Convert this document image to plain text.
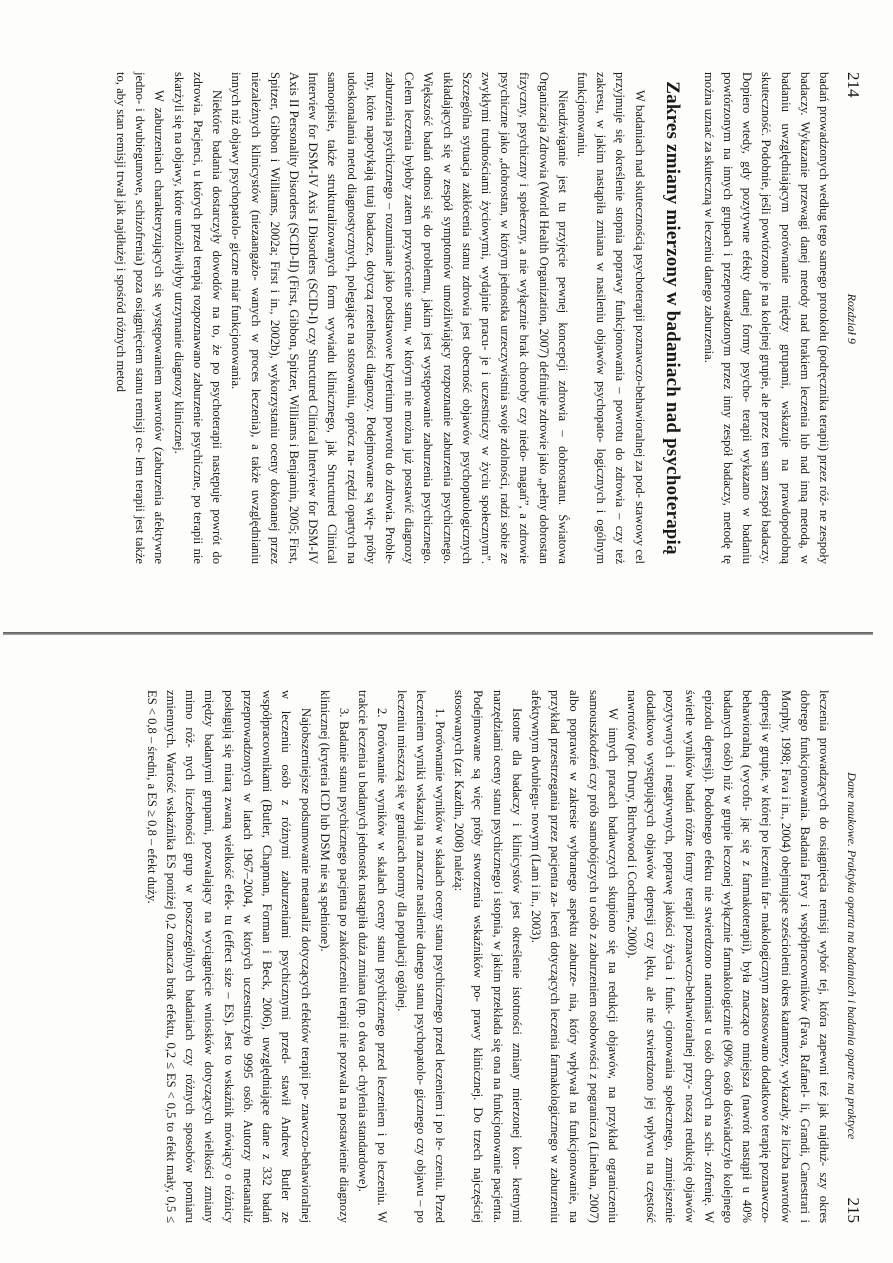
214
Rozdział 9

badań prowadzonych według tego samego protokołu (podręcznika terapii) przez róż- ne zespoły badaczy. Wykazanie przewagi danej metody nad brakiem leczenia lub nad inną metodą, w badaniu uwzględniającym porównanie między grupami, wskazuje na prawdopodobną skuteczność. Podobnie, jeśli powtórzono je na kolejnej grupie, ale przez ten sam zespół badaczy. Dopiero wtedy, gdy pozytywne efekty danej formy psycho- terapii wykazano w badaniu powtórzonym na innych grupach i przeprowadzonym przez inny zespół badaczy, metodę tę można uznać za skuteczną w leczeniu danego zaburzenia.

Zakres zmiany mierzony w badaniach nad psychoterapią

W badaniach nad skutecznością psychoterapii poznawczo-behawioralnej za pod- stawowy cel przyjmuje się określenie stopnia poprawy funkcjonowania – powrotu do zdrowia – czy też zakresu, w jakim nastąpiła zmiana w nasileniu objawów psychopato- logicznych i ogólnym funkcjonowaniu.

Nieudźwiganie jest tu przyjęcie pewnej koncepcji zdrowia – dobrostanu. Światowa Organizacja Zdrowia (World Health Organization, 2007) definiuje zdrowie jako „pełny dobrostan fizyczny, psychiczny i społeczny, a nie wyłącznie brak choroby czy niedo- magań”, a zdrowie psychiczne jako „dobrostan, w którym jednostka urzeczywistnia swoje zdolności, radzi sobie ze zwykłymi trudnościami życiowymi, wydajnie pracu- je i uczestniczy w życiu społecznym”. Szczególna sytuacja zakłócenia stanu zdrowia jest obecność objawów psychopatologicznych układających się w zespół symptomów umożliwiający rozpoznanie zaburzenia psychicznego. Większość badań odnosi się do problemu, jakim jest występowanie zaburzenia psychicznego. Celem leczenia byłoby zatem przywrócenie stanu, w którym nie można już postawić diagnozy zaburzenia psychicznego – rozumiane jako podstawowe kryterium powrotu do zdrowia. Proble- my, które napotykają tutaj badacze, dotyczą rzetelności diagnozy. Podejmowane są wię- próby udoskonalania metod diagnostycznych, polegające na stosowaniu, oprócz na- rzędzi opartych na samoopisie, także strukturalizowanych form wywiadu klinicznego, jak Structured Clinical Interview for DSM-IV Axis I Disorders (SCID-I) czy Structured Clinical Interview for DSM-IV Axis II Personality Disorders (SCID-II) (First, Gibbon, Spitzer, Williams i Benjamin, 2005; First, Spitzer, Gibbon i Williams, 2002a; First i in., 2002b), wykorzystaniu oceny dokonanej przez niezależnych klinicystów (niezaangażo- wanych w proces leczenia), a także uwzględnianiu innych niż objawy psychopatolo- giczne miar funkcjonowania.

Niektóre badania dostarczyły dowodów na to, że po psychoterapii następuje powrót do zdrowia. Pacjenci, u których przed terapią rozpoznawano zaburzenie psychiczne, po terapii nie skarżyli się na objawy, które umożliwiłyby utrzymanie diagnozy klinicznej.

W zaburzeniach charakteryzujących się występowaniem nawrotów (zaburzenia afektywne jedno- i dwubiegunowe, schizofrenia) poza osiągnięciem stanu remisji ce- lem terapii jest także to, aby stan remisji trwał jak najdłużej i spośród różnych metod

Dane naukowe. Praktyka oparta na badaniach i badania oparte na praktyce
215

leczenia prowadzących do osiągnięcia remisji wybór tej, która zapewni też jak najdłuż- szy okres dobrego funkcjonowania. Badania Favy i współpracowników (Fava, Rafanel- li, Grandi, Canestrari i Morphy, 1998; Fava i in., 2004) obejmujące sześcioletni okres katamnezy, wykazały, że liczba nawrotów depresji w grupie, w której po leczeniu far- makologicznym zastosowano dodatkowo terapię poznawczo-behawioralną (wycofu- jąc się z farmakoterapii), była znacząco mniejsza (nawrót nastąpił u 40% badanych osób) niż w grupie leczonej wyłącznie farmakologicznie (90% osób doświadczyło kolejnego epizodu depresji). Podobnego efektu nie stwierdzono natomiast u osób chorych na schi- zofrenię. W świetle wyników badań różne formy terapii poznawczo-behawioralnej przy- noszą redukcję objawów pozytywnych i negatywnych, poprawę jakości życia i funk- cjonowania społecznego, zmniejszenie dodatkowo występujących objawów depresji czy lęku, ale nie stwierdzono jej wpływu na częstość nawrotów (por. Drury, Birchwood i Cochrane, 2000).

W innych pracach badawczych skupiono się na redukcji objawów, na przykład ograniczeniu samouszkodzeń czy prób samobójczych u osób z zaburzeniem osobowości z pogranicza (Linehan, 2007) albo poprawie w zakresie wybranego aspektu zaburze- nia, który wpływał na funkcjonowanie, na przykład przestrzegania przez pacjenta za- leceń dotyczących leczenia farmakologicznego w zaburzeniu afektywnym dwubiegu- nowym (Lam i in., 2003).

Istotne dla badaczy i klinicystów jest określenie istotności zmiany mierzonej kon- kretnymi narzędziami oceny stanu psychicznego i stopnia, w jakim przekłada się ona na funkcjonowanie pacjenta. Podejmowane są więc próby stworzenia wskaźników po- prawy klinicznej. Do trzech najczęściej stosowanych (za: Kazdin, 2008) należą:

1. Porównanie wyników w skalach oceny stanu psychicznego przed leczeniem i po le- czeniu. Przed leczeniem wyniki wskazują na znaczne nasilenie danego stanu psychopatolo- gicznego czy objawu – po leczeniu mieszczą się w granicach normy dla populacji ogólnej.

2. Porównanie wyników w skalach oceny stanu psychicznego przed leczeniem i po leczeniu. W trakcie leczenia u badanych jednostek nastąpiła duża zmiana (np. o dwa od- chylenia standardowe).

3. Badanie stanu psychicznego pacjenta po zakończeniu terapii nie pozwala na postawienie diagnozy klinicznej (kryteria ICD lub DSM nie są spełnione).

Najobszerniejsze podsumowanie metaanaliz dotyczących efektów terapii po- znawczo-behawioralnej w leczeniu osób z różnymi zaburzeniami psychicznymi przed- stawił Andrew Butler ze współpracownikami (Butler, Chapman, Forman i Beck, 2006), uwzględniające dane z 332 badań przeprowadzonych w latach 1967–2004, w których uczestniczyło 9995 osób. Autorzy metaanaliz posługują się miarą zwaną wielkość efek- tu (effect size – ES). Jest to wskaźnik mówiący o różnicy między badanymi grupami, pozwalający na wyciągnięcie wniosków dotyczących wielkości zmiany mimo róż- nych liczebności grup w poszczególnych badaniach czy różnych sposobów pomiaru zmiennych. Wartość wskaźnika ES poniżej 0,2 oznacza brak efektu, 0,2 ≤ ES < 0,5 to efekt mały, 0,5 ≤ ES < 0,8 – średni, a ES ≥ 0,8 – efekt duży.
